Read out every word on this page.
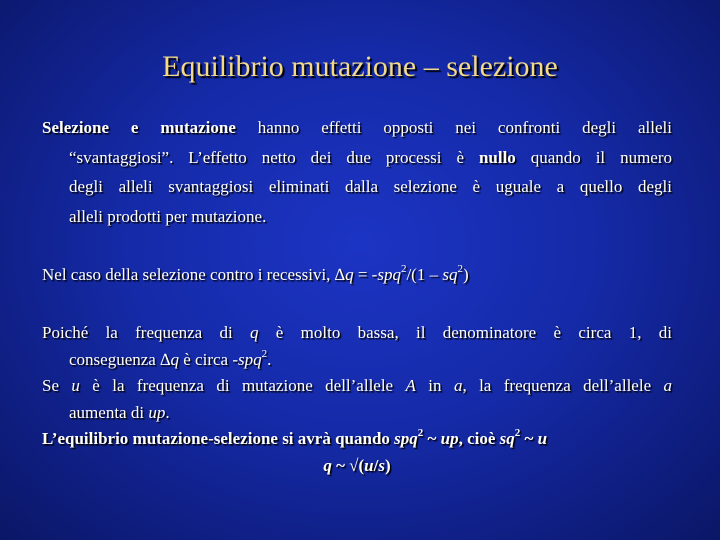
Equilibrio mutazione – selezione
Selezione e mutazione hanno effetti opposti nei confronti degli alleli
“svantaggiosi”. L’effetto netto dei due processi è nullo quando il numero
degli alleli svantaggiosi eliminati dalla selezione è uguale a quello degli
alleli prodotti per mutazione.
Nel caso della selezione contro i recessivi, $\Delta q = -spq^2/(1 - sq^2)$
Poiché la frequenza di q è molto bassa, il denominatore è circa 1, di
conseguenza ∆q è circa -spq$^2$.
Se u è la frequenza di mutazione dell’allele A in a, la frequenza dell’allele a
aumenta di up.
L’equilibrio mutazione-selezione si avrà quando spq$^2$ ~ up, cioè $sq^2$ ~ u
q ~ √(u/s)
